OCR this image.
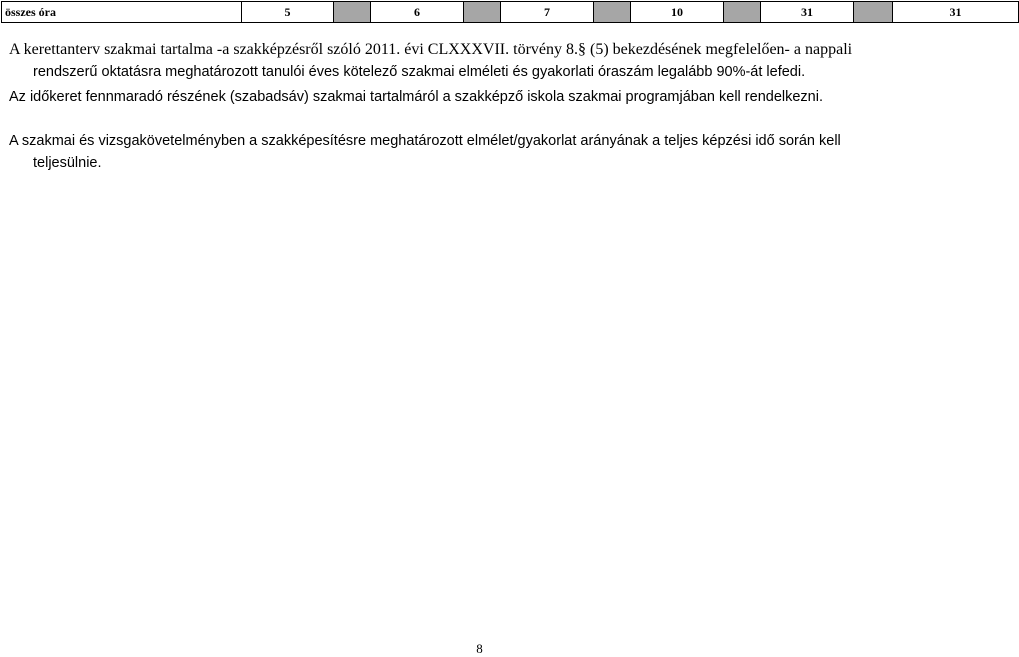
összes óra	5		6		7		10		31		31
A kerettanterv szakmai tartalma -a szakképzésről szóló 2011. évi CLXXXVII. törvény 8.§ (5) bekezdésének megfelelően- a nappali
rendszerű oktatásra meghatározott tanulói éves kötelező szakmai elméleti és gyakorlati óraszám legalább 90%-át lefedi.
Az időkeret fennmaradó részének (szabadsáv) szakmai tartalmáról a szakképző iskola szakmai programjában kell rendelkezni.
A szakmai és vizsgakövetelményben a szakképesítésre meghatározott elmélet/gyakorlat arányának a teljes képzési idő során kell
teljesülnie.
8
